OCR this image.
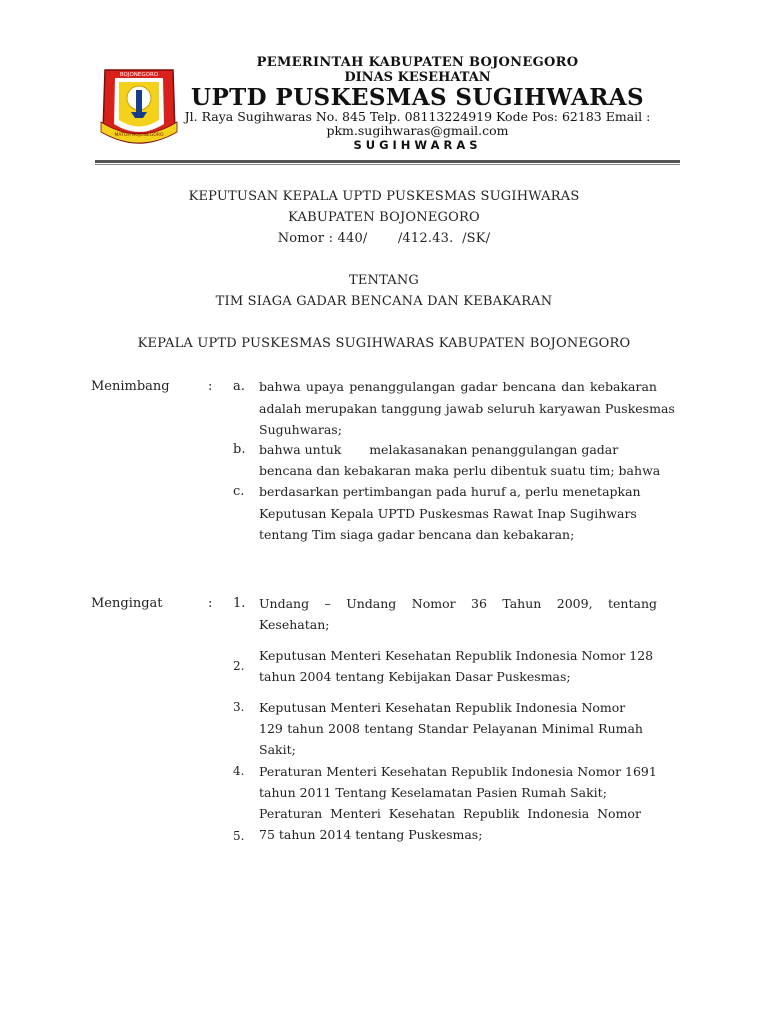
BOJONEGORO
MATOH BOJONEGORO
PEMERINTAH KABUPATEN BOJONEGORO
DINAS KESEHATAN
UPTD PUSKESMAS SUGIHWARAS
Jl. Raya Sugihwaras No. 845 Telp. 08113224919 Kode Pos: 62183 Email :
pkm.sugihwaras@gmail.com
SUGIHWARAS
KEPUTUSAN KEPALA UPTD PUSKESMAS SUGIHWARAS
KABUPATEN BOJONEGORO
Nomor : 440/       /412.43.  /SK/
TENTANG
TIM SIAGA GADAR BENCANA DAN KEBAKARAN
KEPALA UPTD PUSKESMAS SUGIHWARAS KABUPATEN BOJONEGORO
Menimbang	: a. bahwa upaya penanggulangan gadar bencana dan kebakaran
adalah merupakan tanggung jawab seluruh karyawan Puskesmas
Suguhwaras;
b. bahwa untuk       melakasanakan penanggulangan gadar
bencana dan kebakaran maka perlu dibentuk suatu tim; bahwa
c. berdasarkan pertimbangan pada huruf a, perlu menetapkan
Keputusan Kepala UPTD Puskesmas Rawat Inap Sugihwars
tentang Tim siaga gadar bencana dan kebakaran;
Mengingat	: 1. Undang  –  Undang  Nomor  36  Tahun  2009,  tentang
Kesehatan;
2.
Keputusan Menteri Kesehatan Republik Indonesia Nomor 128
tahun 2004 tentang Kebijakan Dasar Puskesmas;
3. Keputusan Menteri Kesehatan Republik Indonesia Nomor
129 tahun 2008 tentang Standar Pelayanan Minimal Rumah
Sakit;
4. Peraturan Menteri Kesehatan Republik Indonesia Nomor 1691
tahun 2011 Tentang Keselamatan Pasien Rumah Sakit;
Peraturan  Menteri  Kesehatan  Republik  Indonesia  Nomor
5. 75 tahun 2014 tentang Puskesmas;
